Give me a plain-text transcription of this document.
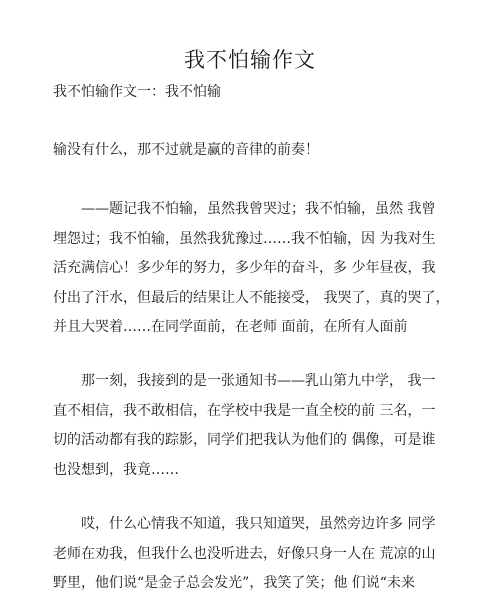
我不怕输作文
我不怕输作文一：我不怕输
输没有什么，那不过就是赢的音律的前奏！
——题记我不怕输，虽然我曾哭过；我不怕输，虽然 我曾
埋怨过；我不怕输，虽然我犹豫过……我不怕输，因 为我对生
活充满信心！多少年的努力，多少年的奋斗，多 少年昼夜，我
付出了汗水，但最后的结果让人不能接受， 我哭了，真的哭了，
并且大哭着……在同学面前，在老师 面前，在所有人面前
那一刻，我接到的是一张通知书——乳山第九中学， 我一
直不相信，我不敢相信，在学校中我是一直全校的前 三名，一
切的活动都有我的踪影，同学们把我认为他们的 偶像，可是谁
也没想到，我竟……
哎，什么心情我不知道，我只知道哭，虽然旁边许多 同学
老师在劝我，但我什么也没听进去，好像只身一人在 荒凉的山
野里，他们说“是金子总会发光”，我笑了笑；他 们说“未来
